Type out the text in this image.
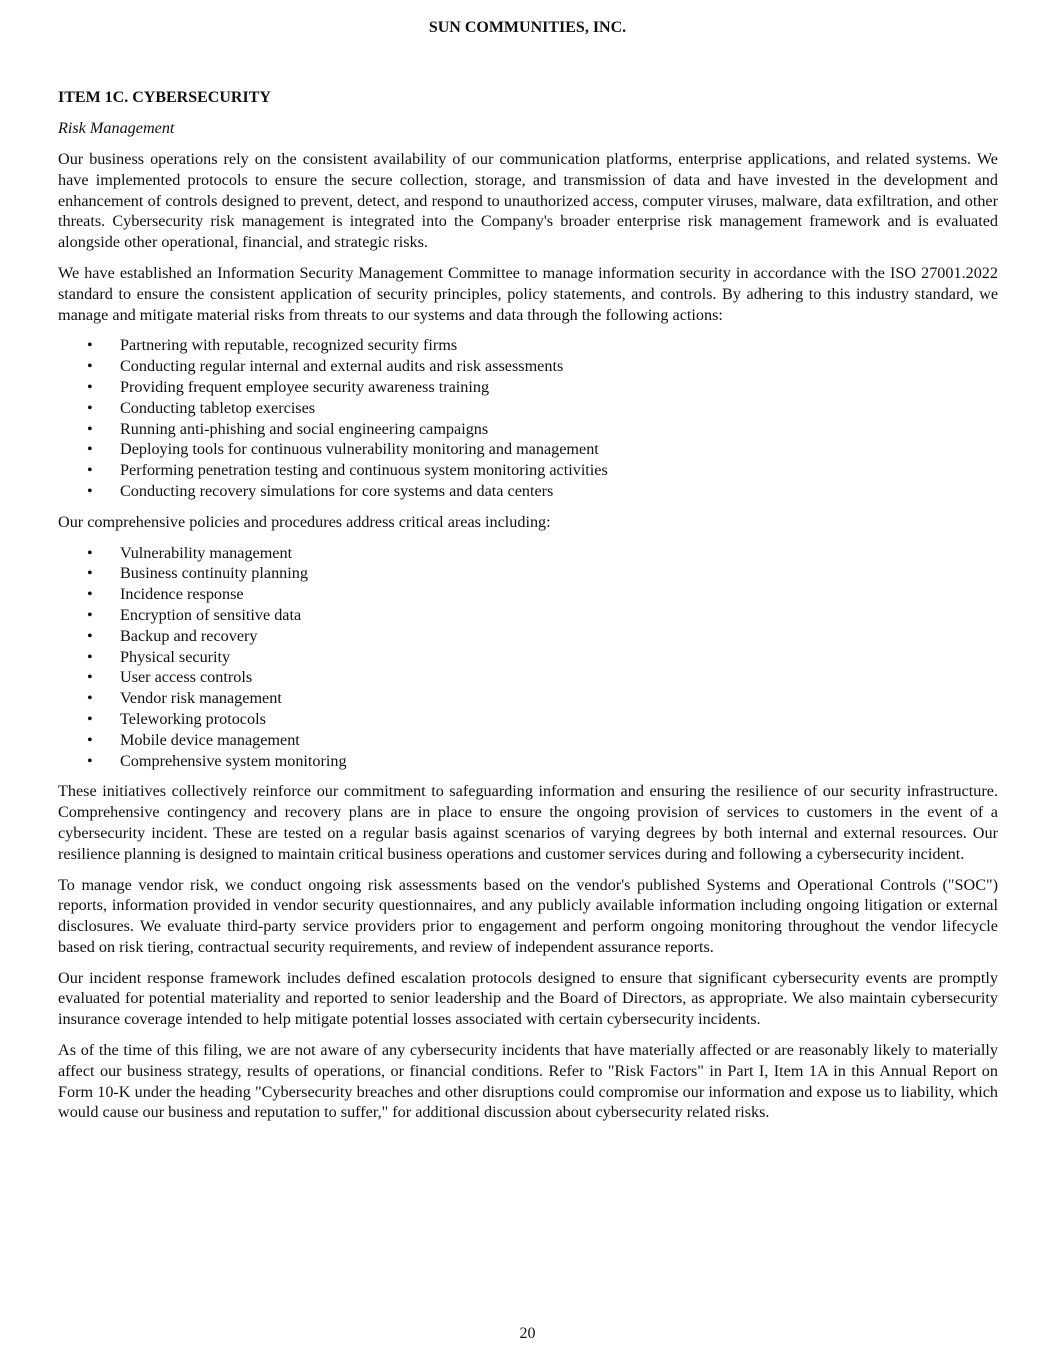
SUN COMMUNITIES, INC.
ITEM 1C. CYBERSECURITY
Risk Management

Our business operations rely on the consistent availability of our communication platforms, enterprise applications, and related systems. We have implemented protocols to ensure the secure collection, storage, and transmission of data and have invested in the development and enhancement of controls designed to prevent, detect, and respond to unauthorized access, computer viruses, malware, data exfiltration, and other threats. Cybersecurity risk management is integrated into the Company's broader enterprise risk management framework and is evaluated alongside other operational, financial, and strategic risks.

We have established an Information Security Management Committee to manage information security in accordance with the ISO 27001.2022 standard to ensure the consistent application of security principles, policy statements, and controls. By adhering to this industry standard, we manage and mitigate material risks from threats to our systems and data through the following actions:

• Partnering with reputable, recognized security firms
• Conducting regular internal and external audits and risk assessments
• Providing frequent employee security awareness training
• Conducting tabletop exercises
• Running anti-phishing and social engineering campaigns
• Deploying tools for continuous vulnerability monitoring and management
• Performing penetration testing and continuous system monitoring activities
• Conducting recovery simulations for core systems and data centers

Our comprehensive policies and procedures address critical areas including:

• Vulnerability management
• Business continuity planning
• Incidence response
• Encryption of sensitive data
• Backup and recovery
• Physical security
• User access controls
• Vendor risk management
• Teleworking protocols
• Mobile device management
• Comprehensive system monitoring

These initiatives collectively reinforce our commitment to safeguarding information and ensuring the resilience of our security infrastructure. Comprehensive contingency and recovery plans are in place to ensure the ongoing provision of services to customers in the event of a cybersecurity incident. These are tested on a regular basis against scenarios of varying degrees by both internal and external resources. Our resilience planning is designed to maintain critical business operations and customer services during and following a cybersecurity incident.

To manage vendor risk, we conduct ongoing risk assessments based on the vendor's published Systems and Operational Controls ("SOC") reports, information provided in vendor security questionnaires, and any publicly available information including ongoing litigation or external disclosures. We evaluate third-party service providers prior to engagement and perform ongoing monitoring throughout the vendor lifecycle based on risk tiering, contractual security requirements, and review of independent assurance reports.

Our incident response framework includes defined escalation protocols designed to ensure that significant cybersecurity events are promptly evaluated for potential materiality and reported to senior leadership and the Board of Directors, as appropriate. We also maintain cybersecurity insurance coverage intended to help mitigate potential losses associated with certain cybersecurity incidents.

As of the time of this filing, we are not aware of any cybersecurity incidents that have materially affected or are reasonably likely to materially affect our business strategy, results of operations, or financial conditions. Refer to "Risk Factors" in Part I, Item 1A in this Annual Report on Form 10-K under the heading "Cybersecurity breaches and other disruptions could compromise our information and expose us to liability, which would cause our business and reputation to suffer," for additional discussion about cybersecurity related risks.

20
